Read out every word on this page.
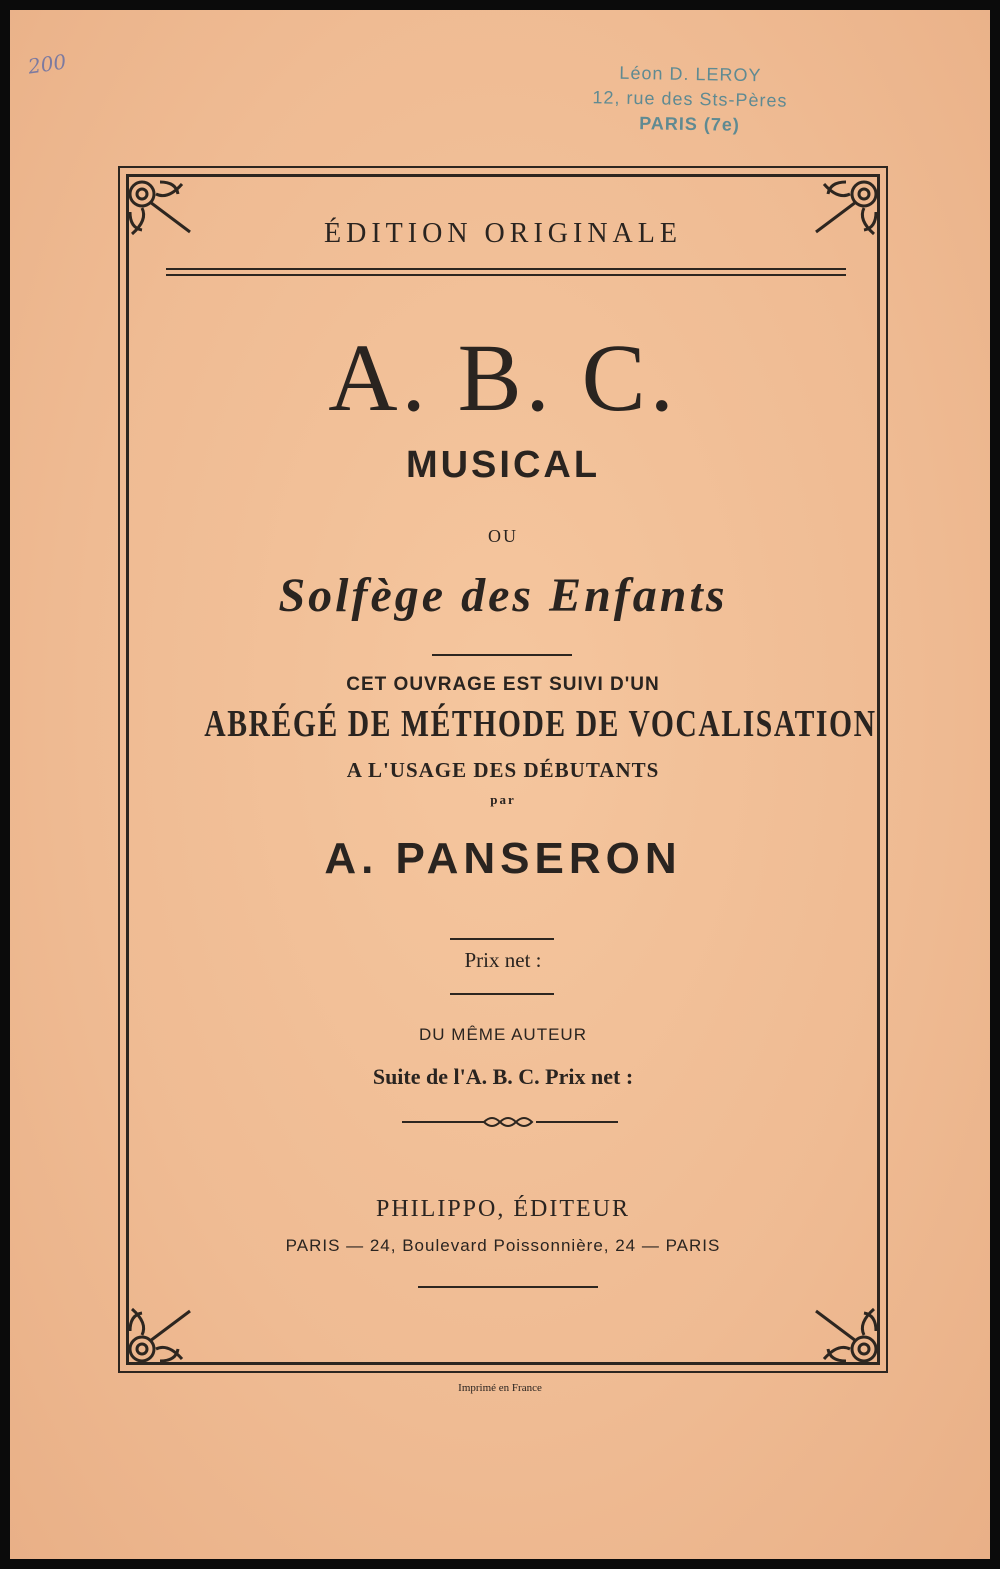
200	Léon D. LEROY
12, rue des Sts-Pères
PARIS (7e)
ÉDITION ORIGINALE
A. B. C.
MUSICAL
OU
Solfège des Enfants
CET OUVRAGE EST SUIVI D'UN
ABRÉGÉ DE MÉTHODE DE VOCALISATION
A L'USAGE DES DÉBUTANTS
par
A. PANSERON
Prix net :
DU MÊME AUTEUR
Suite de l'A. B. C. Prix net :
PHILIPPO, ÉDITEUR
PARIS — 24, Boulevard Poissonnière, 24 — PARIS
Imprimé en France
